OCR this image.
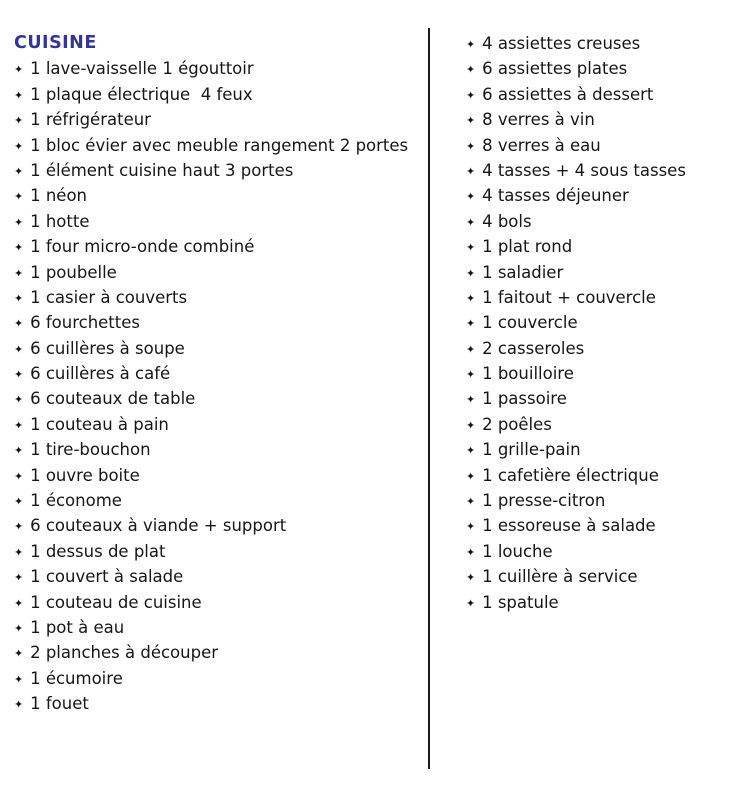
CUISINE
✦ 1 lave-vaisselle 1 égouttoir
✦ 1 plaque électrique  4 feux
✦ 1 réfrigérateur
✦ 1 bloc évier avec meuble rangement 2 portes
✦ 1 élément cuisine haut 3 portes
✦ 1 néon
✦ 1 hotte
✦ 1 four micro-onde combiné
✦ 1 poubelle
✦ 1 casier à couverts
✦ 6 fourchettes
✦ 6 cuillères à soupe
✦ 6 cuillères à café
✦ 6 couteaux de table
✦ 1 couteau à pain
✦ 1 tire-bouchon
✦ 1 ouvre boite
✦ 1 économe
✦ 6 couteaux à viande + support
✦ 1 dessus de plat
✦ 1 couvert à salade
✦ 1 couteau de cuisine
✦ 1 pot à eau
✦ 2 planches à découper
✦ 1 écumoire
✦ 1 fouet
✦ 4 assiettes creuses
✦ 6 assiettes plates
✦ 6 assiettes à dessert
✦ 8 verres à vin
✦ 8 verres à eau
✦ 4 tasses + 4 sous tasses
✦ 4 tasses déjeuner
✦ 4 bols
✦ 1 plat rond
✦ 1 saladier
✦ 1 faitout + couvercle
✦ 1 couvercle
✦ 2 casseroles
✦ 1 bouilloire
✦ 1 passoire
✦ 2 poêles
✦ 1 grille-pain
✦ 1 cafetière électrique
✦ 1 presse-citron
✦ 1 essoreuse à salade
✦ 1 louche
✦ 1 cuillère à service
✦ 1 spatule
